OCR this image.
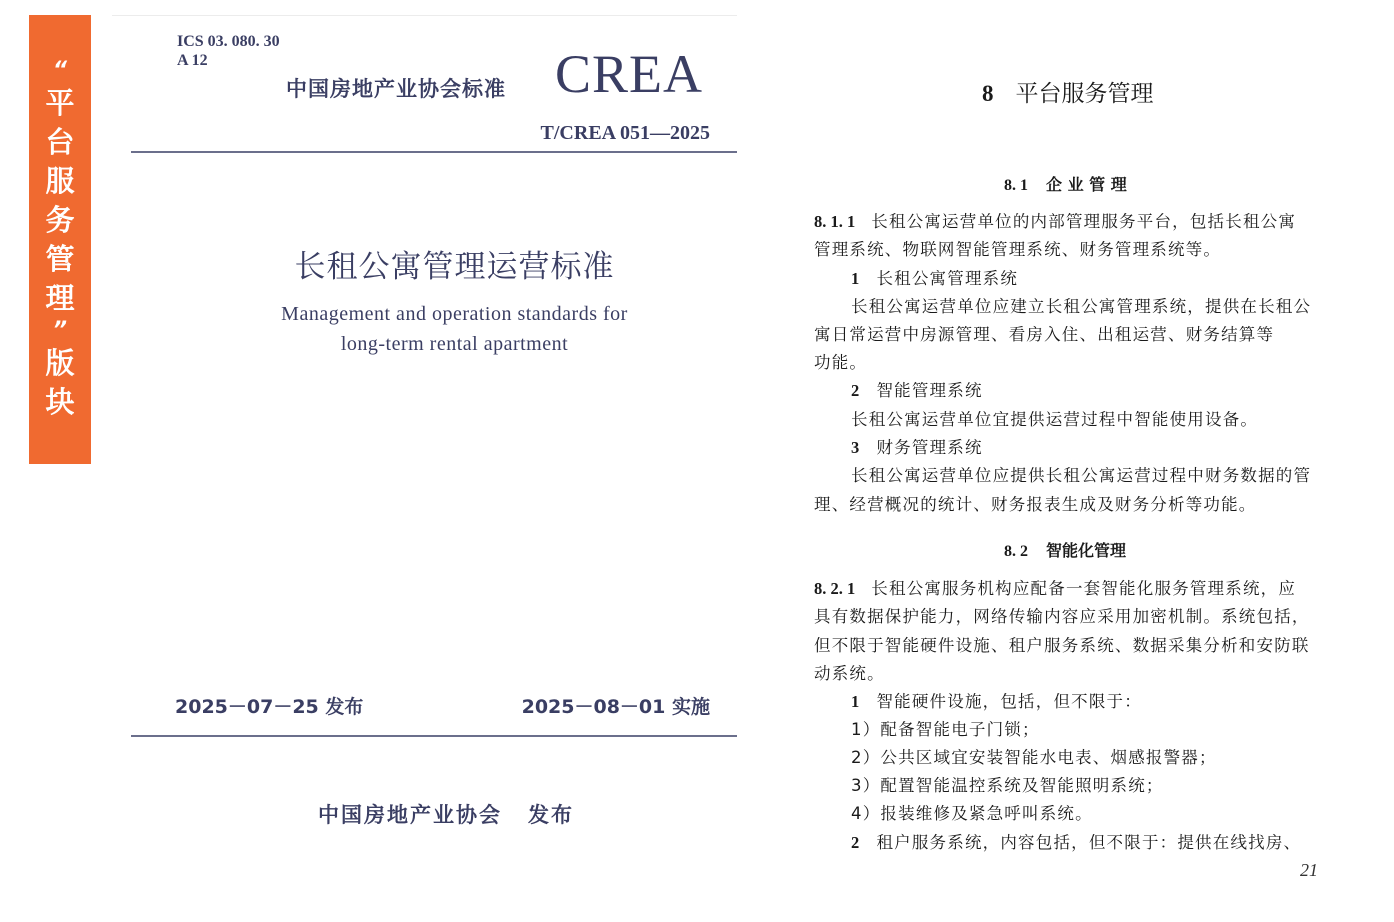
“
平
台
服
务
管
理
”
版
块
ICS 03. 080. 30
A 12
中国房地产业协会标准 CREA
T/CREA 051—2025
长租公寓管理运营标准
Management and operation standards for
long-term rental apartment
2025－07－25 发布	2025－08－01 实施
中国房地产业协会 发布
8 平台服务管理
8. 1 企 业 管 理
8. 1. 1 长租公寓运营单位的内部管理服务平台，包括长租公寓
管理系统、物联网智能管理系统、财务管理系统等。
1 长租公寓管理系统
长租公寓运营单位应建立长租公寓管理系统，提供在长租公
寓日常运营中房源管理、看房入住、出租运营、财务结算等
功能。
2 智能管理系统
长租公寓运营单位宜提供运营过程中智能使用设备。
3 财务管理系统
长租公寓运营单位应提供长租公寓运营过程中财务数据的管
理、经营概况的统计、财务报表生成及财务分析等功能。
8. 2 智能化管理
8. 2. 1 长租公寓服务机构应配备一套智能化服务管理系统，应
具有数据保护能力，网络传输内容应采用加密机制。系统包括，
但不限于智能硬件设施、租户服务系统、数据采集分析和安防联
动系统。
1 智能硬件设施，包括，但不限于：
1）配备智能电子门锁；
2）公共区域宜安装智能水电表、烟感报警器；
3）配置智能温控系统及智能照明系统；
4）报装维修及紧急呼叫系统。
2 租户服务系统，内容包括，但不限于：提供在线找房、
21
